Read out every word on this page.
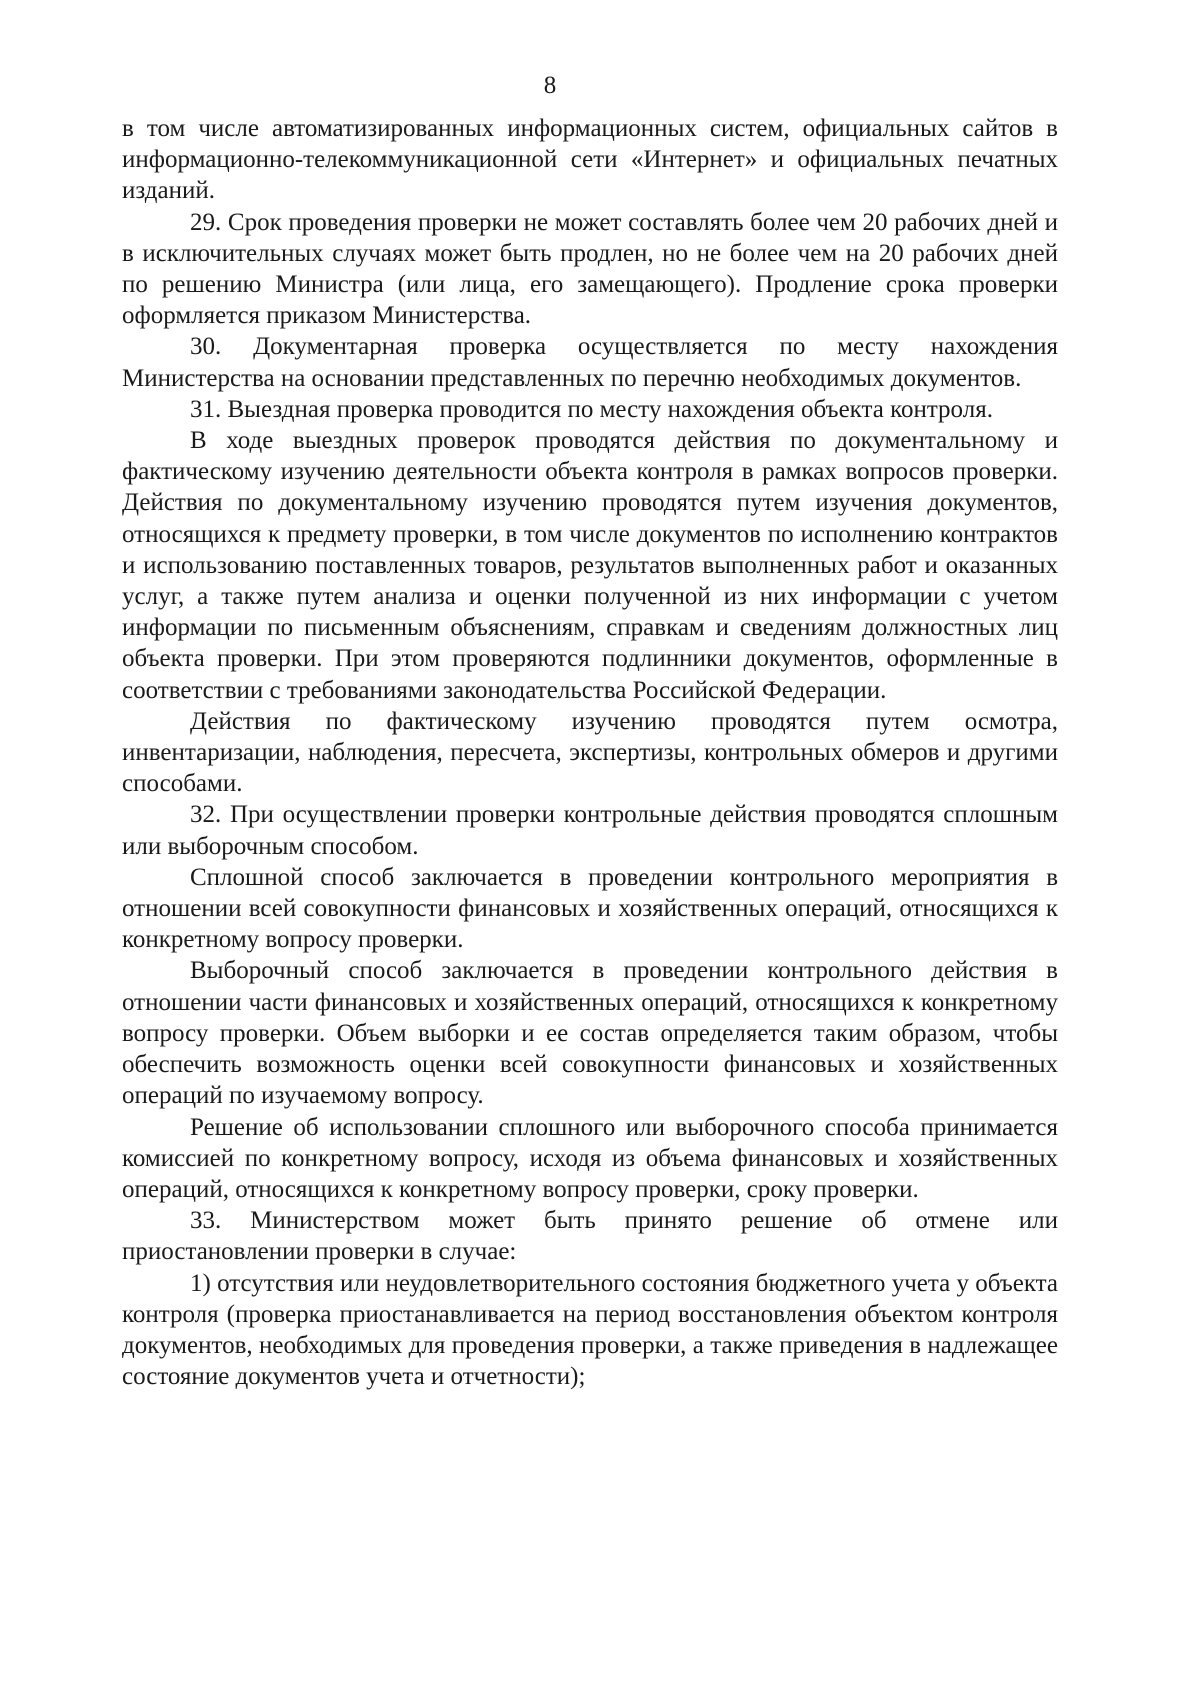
8

в том числе автоматизированных информационных систем, официальных сайтов в информационно-телекоммуникационной сети «Интернет» и официальных печатных изданий.

29. Срок проведения проверки не может составлять более чем 20 рабочих дней и в исключительных случаях может быть продлен, но не более чем на 20 рабочих дней по решению Министра (или лица, его замещающего). Продление срока проверки оформляется приказом Министерства.

30. Документарная проверка осуществляется по месту нахождения Министерства на основании представленных по перечню необходимых документов.

31. Выездная проверка проводится по месту нахождения объекта контроля.

В ходе выездных проверок проводятся действия по документальному и фактическому изучению деятельности объекта контроля в рамках вопросов проверки. Действия по документальному изучению проводятся путем изучения документов, относящихся к предмету проверки, в том числе документов по исполнению контрактов и использованию поставленных товаров, результатов выполненных работ и оказанных услуг, а также путем анализа и оценки полученной из них информации с учетом информации по письменным объяснениям, справкам и сведениям должностных лиц объекта проверки. При этом проверяются подлинники документов, оформленные в соответствии с требованиями законодательства Российской Федерации.

Действия по фактическому изучению проводятся путем осмотра, инвентаризации, наблюдения, пересчета, экспертизы, контрольных обмеров и другими способами.

32. При осуществлении проверки контрольные действия проводятся сплошным или выборочным способом.

Сплошной способ заключается в проведении контрольного мероприятия в отношении всей совокупности финансовых и хозяйственных операций, относящихся к конкретному вопросу проверки.

Выборочный способ заключается в проведении контрольного действия в отношении части финансовых и хозяйственных операций, относящихся к конкретному вопросу проверки. Объем выборки и ее состав определяется таким образом, чтобы обеспечить возможность оценки всей совокупности финансовых и хозяйственных операций по изучаемому вопросу.

Решение об использовании сплошного или выборочного способа принимается комиссией по конкретному вопросу, исходя из объема финансовых и хозяйственных операций, относящихся к конкретному вопросу проверки, сроку проверки.

33. Министерством может быть принято решение об отмене или приостановлении проверки в случае:

1) отсутствия или неудовлетворительного состояния бюджетного учета у объекта контроля (проверка приостанавливается на период восстановления объектом контроля документов, необходимых для проведения проверки, а также приведения в надлежащее состояние документов учета и отчетности);
